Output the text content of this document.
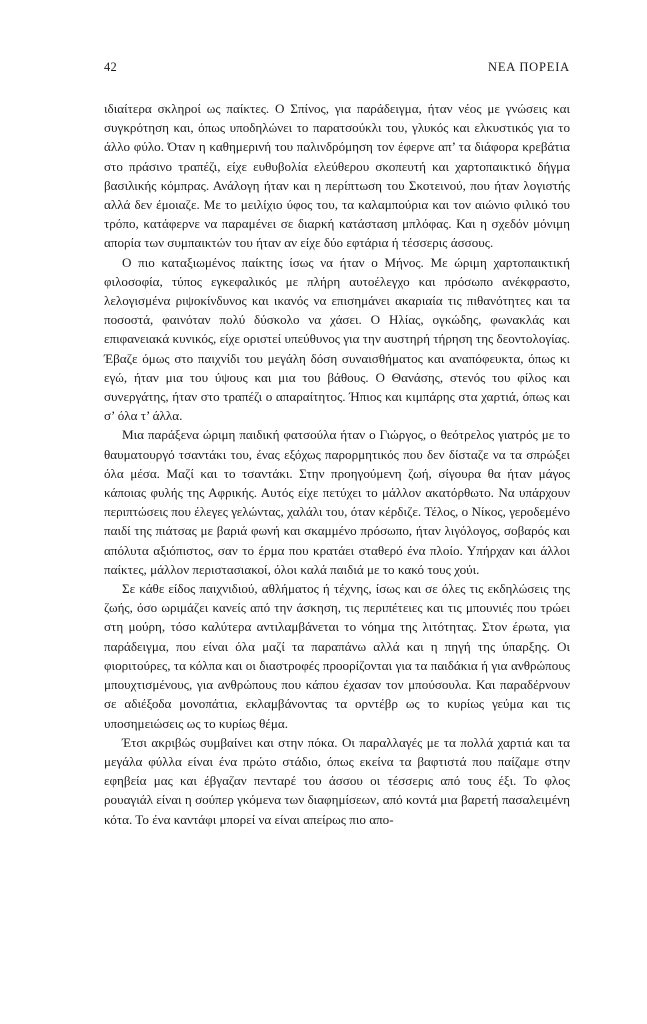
42	ΝΕΑ ΠΟΡΕΙΑ

ιδιαίτερα σκληροί ως παίκτες. Ο Σπίνος, για παράδειγμα, ήταν νέος με γνώσεις και συγκρότηση και, όπως υποδηλώνει το παρατσούκλι του, γλυκός και ελκυστικός για το άλλο φύλο. Όταν η καθημερινή του παλινδρόμηση τον έφερνε απ’ τα διάφορα κρεβάτια στο πράσινο τραπέζι, είχε ευθυβολία ελεύθερου σκοπευτή και χαρτοπαικτικό δήγμα βασιλικής κόμπρας. Ανάλογη ήταν και η περίπτωση του Σκοτεινού, που ήταν λογιστής αλλά δεν έμοιαζε. Με το μειλίχιο ύφος του, τα καλαμπούρια και τον αιώνιο φιλικό του τρόπο, κατάφερνε να παραμένει σε διαρκή κατάσταση μπλόφας. Και η σχεδόν μόνιμη απορία των συμπαικτών του ήταν αν είχε δύο εφτάρια ή τέσσερις άσσους.

Ο πιο καταξιωμένος παίκτης ίσως να ήταν ο Μήνος. Με ώριμη χαρτοπαικτική φιλοσοφία, τύπος εγκεφαλικός με πλήρη αυτοέλεγχο και πρόσωπο ανέκφραστο, λελογισμένα ριψοκίνδυνος και ικανός να επισημάνει ακαριαία τις πιθανότητες και τα ποσοστά, φαινόταν πολύ δύσκολο να χάσει. Ο Ηλίας, ογκώδης, φωνακλάς και επιφανειακά κυνικός, είχε οριστεί υπεύθυνος για την αυστηρή τήρηση της δεοντολογίας. Έβαζε όμως στο παιχνίδι του μεγάλη δόση συναισθήματος και αναπόφευκτα, όπως κι εγώ, ήταν μια του ύψους και μια του βάθους. Ο Θανάσης, στενός του φίλος και συνεργάτης, ήταν στο τραπέζι ο απαραίτητος. Ήπιος και κιμπάρης στα χαρτιά, όπως και σ’ όλα τ’ άλλα.

Μια παράξενα ώριμη παιδική φατσούλα ήταν ο Γιώργος, ο θεότρελος γιατρός με το θαυματουργό τσαντάκι του, ένας εξόχως παρορμητικός που δεν δίσταζε να τα σπρώξει όλα μέσα. Μαζί και το τσαντάκι. Στην προηγούμενη ζωή, σίγουρα θα ήταν μάγος κάποιας φυλής της Αφρικής. Αυτός είχε πετύχει το μάλλον ακατόρθωτο. Να υπάρχουν περιπτώσεις που έλεγες γελώντας, χαλάλι του, όταν κέρδιζε. Τέλος, ο Νίκος, γεροδεμένο παιδί της πιάτσας με βαριά φωνή και σκαμμένο πρόσωπο, ήταν λιγόλογος, σοβαρός και απόλυτα αξιόπιστος, σαν το έρμα που κρατάει σταθερό ένα πλοίο. Υπήρχαν και άλλοι παίκτες, μάλλον περιστασιακοί, όλοι καλά παιδιά με το κακό τους χούι.

Σε κάθε είδος παιχνιδιού, αθλήματος ή τέχνης, ίσως και σε όλες τις εκδηλώσεις της ζωής, όσο ωριμάζει κανείς από την άσκηση, τις περιπέτειες και τις μπουνιές που τρώει στη μούρη, τόσο καλύτερα αντιλαμβάνεται το νόημα της λιτότητας. Στον έρωτα, για παράδειγμα, που είναι όλα μαζί τα παραπάνω αλλά και η πηγή της ύπαρξης. Οι φιοριτούρες, τα κόλπα και οι διαστροφές προορίζονται για τα παιδάκια ή για ανθρώπους μπουχτισμένους, για ανθρώπους που κάπου έχασαν τον μπούσουλα. Και παραδέρνουν σε αδιέξοδα μονοπάτια, εκλαμβάνοντας τα ορντέβρ ως το κυρίως γεύμα και τις υποσημειώσεις ως το κυρίως θέμα.

Έτσι ακριβώς συμβαίνει και στην πόκα. Οι παραλλαγές με τα πολλά χαρτιά και τα μεγάλα φύλλα είναι ένα πρώτο στάδιο, όπως εκείνα τα βαφτιστά που παίζαμε στην εφηβεία μας και έβγαζαν πενταρέ του άσσου οι τέσσερις από τους έξι. Το φλος ρουαγιάλ είναι η σούπερ γκόμενα των διαφημίσεων, από κοντά μια βαρετή πασαλειμένη κότα. Το ένα καντάφι μπορεί να είναι απείρως πιο απο-
